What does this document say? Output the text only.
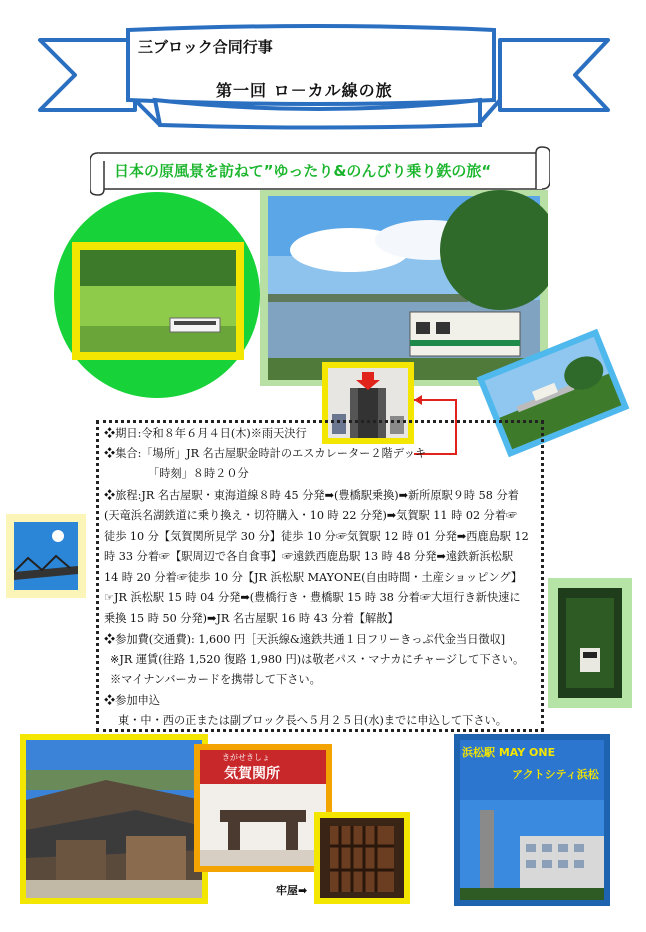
三ブロック合同行事
第一回 ロ－カル線の旅
日本の原風景を訪ねて”ゆったり&のんびり乗り鉄の旅“
❖期日:令和８年６月４日(木)※雨天決行
❖集合:「場所」JR 名古屋駅金時計のエスカレーター２階デッキ
「時刻」８時２０分
❖旅程:JR 名古屋駅・東海道線８時 45 分発➡(豊橋駅乗換)➡新所原駅９時 58 分着
(天竜浜名湖鉄道に乗り換え・切符購入・10 時 22 分発)➡気賀駅 11 時 02 分着☞
徒歩 10 分【気賀関所見学 30 分】徒歩 10 分☞気賀駅 12 時 01 分発➡西鹿島駅 12
時 33 分着☞【駅周辺で各自食事】☞遠鉄西鹿島駅 13 時 48 分発➡遠鉄新浜松駅
14 時 20 分着☞徒歩 10 分【JR 浜松駅 MAYONE(自由時間・土産ショッピング】
☞JR 浜松駅 15 時 04 分発➡(豊橋行き・豊橋駅 15 時 38 分着☞大垣行き新快速に
乗換 15 時 50 分発)➡JR 名古屋駅 16 時 43 分着【解散】
❖参加費(交通費): 1,600 円［天浜線&遠鉄共通１日フリーきっぷ代金当日徴収]
※JR 運賃(往路 1,520 復路 1,980 円)は敬老パス・マナカにチャージして下さい。
※マイナンバーカードを携帯して下さい。
❖参加申込
東・中・西の正または副ブロック長へ５月２５日(水)までに申込して下さい。
きがせきしょ
気賀関所
牢屋➡
浜松駅 MAY ONE
アクトシティ浜松
